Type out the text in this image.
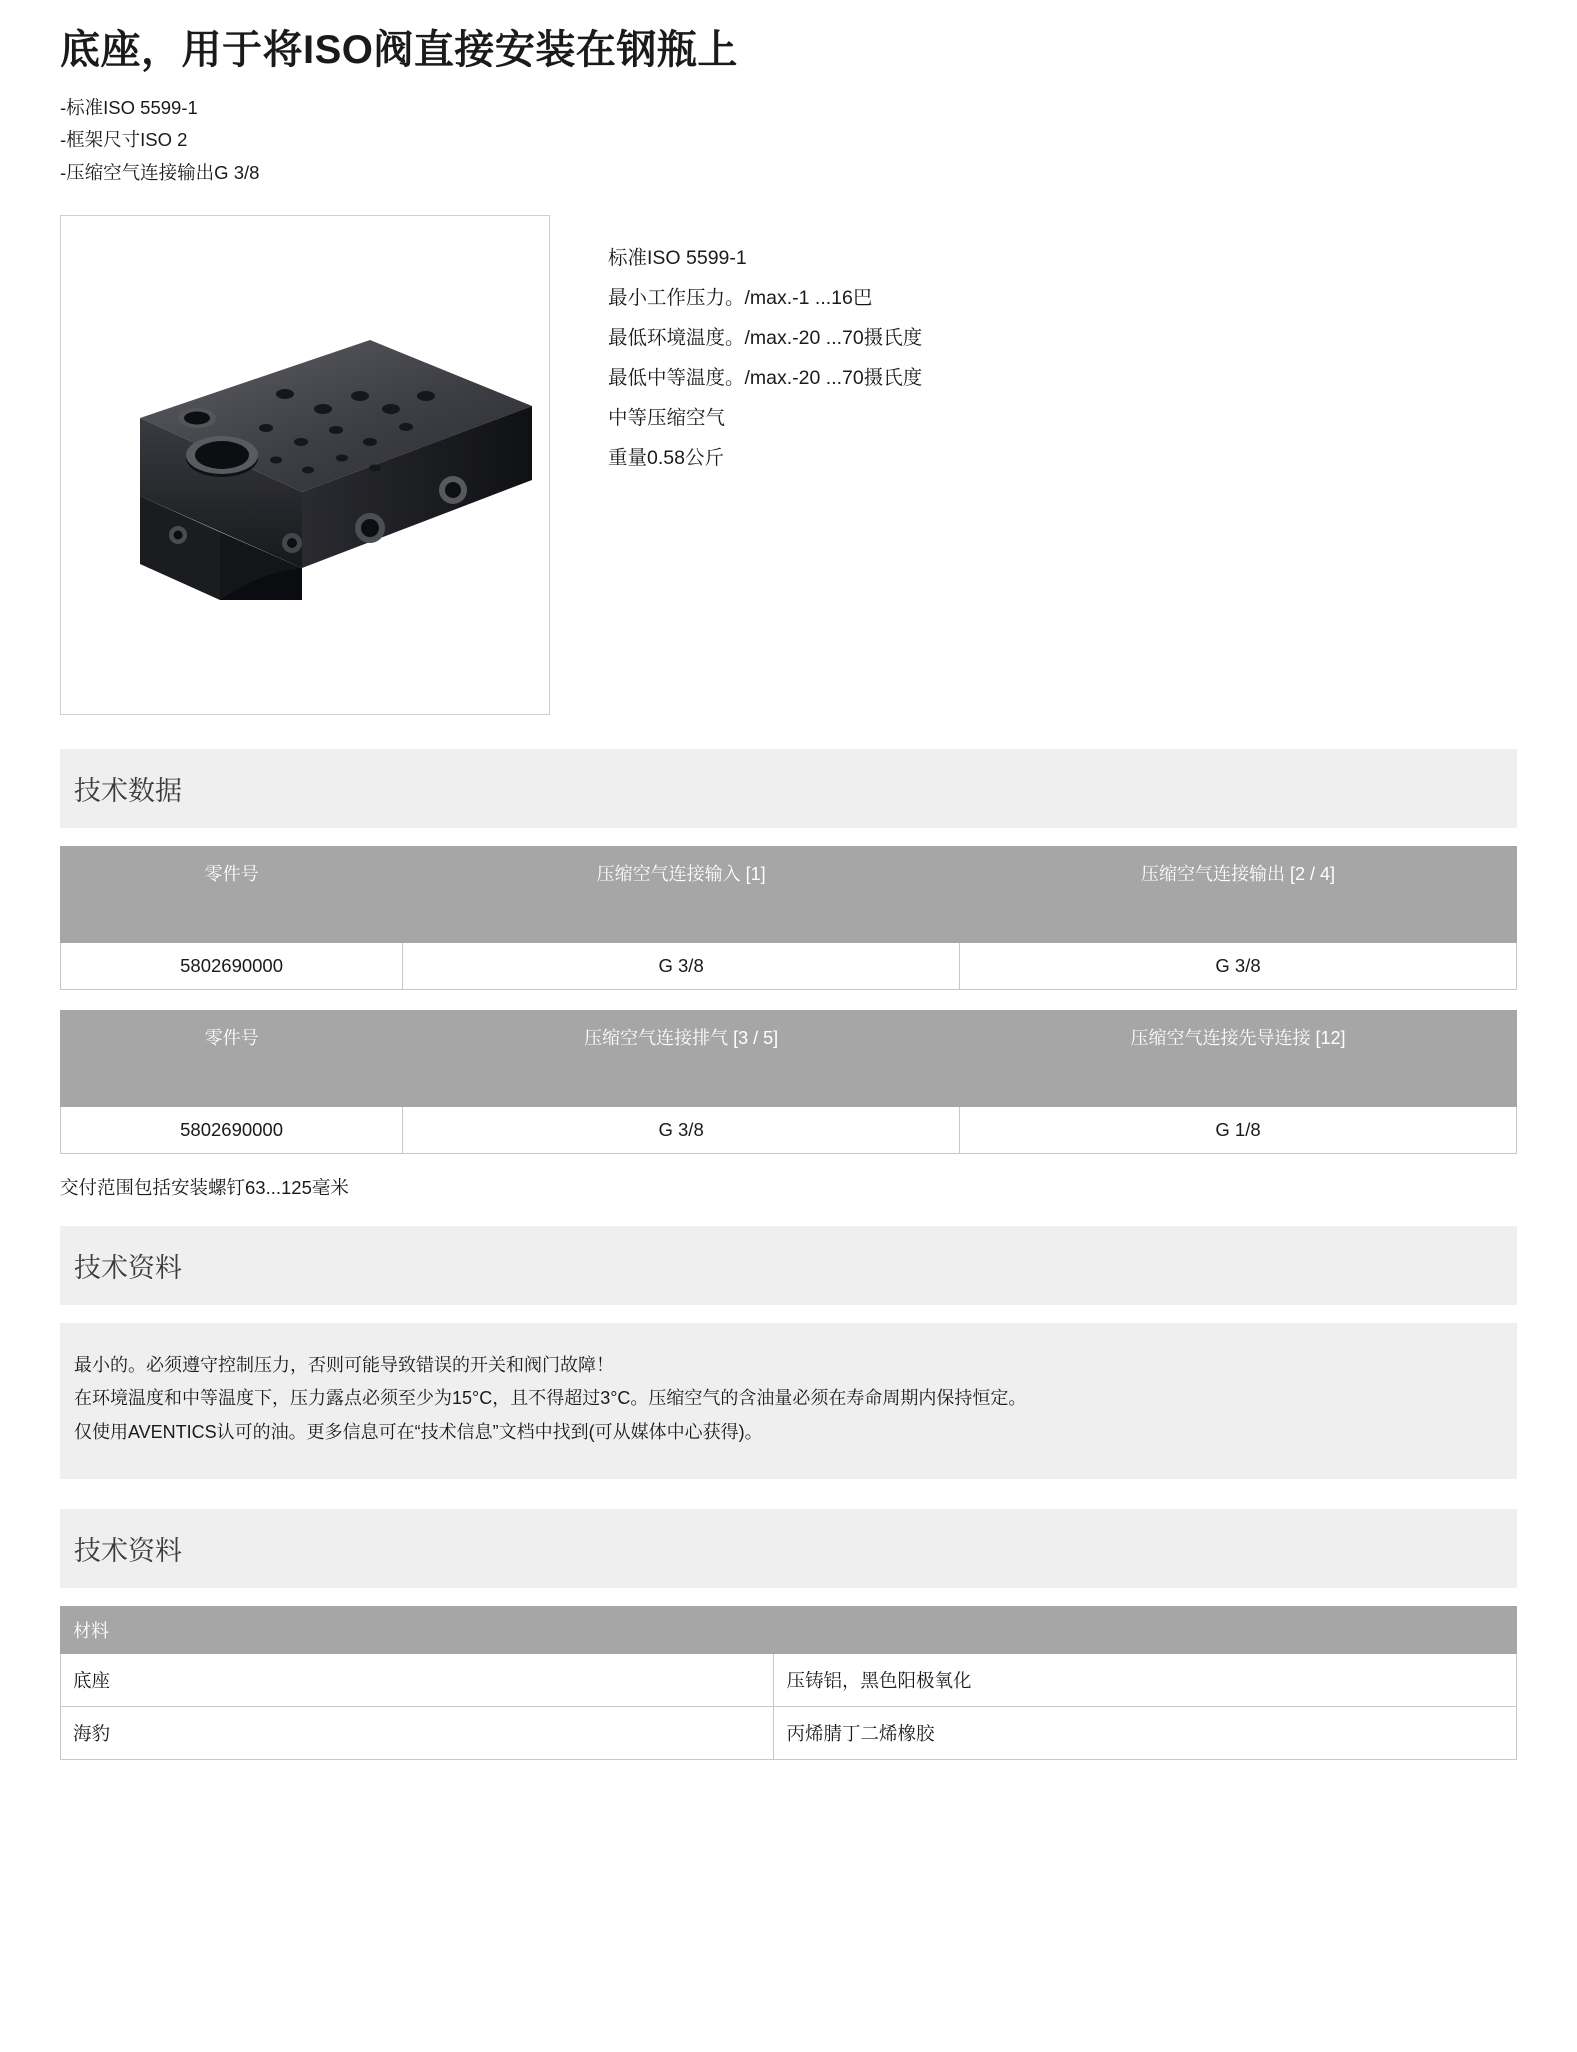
底座，用于将ISO阀直接安装在钢瓶上
-标准ISO 5599-1
-框架尺寸ISO 2
-压缩空气连接输出G 3/8
标准ISO 5599-1
最小工作压力。/max.-1 ...16巴
最低环境温度。/max.-20 ...70摄氏度
最低中等温度。/max.-20 ...70摄氏度
中等压缩空气
重量0.58公斤
技术数据
零件号	压缩空气连接输入 [1]	压缩空气连接输出 [2 / 4]
5802690000	G 3/8	G 3/8
零件号	压缩空气连接排气 [3 / 5]	压缩空气连接先导连接 [12]
5802690000	G 3/8	G 1/8
交付范围包括安装螺钉63...125毫米
技术资料
最小的。必须遵守控制压力，否则可能导致错误的开关和阀门故障！
在环境温度和中等温度下，压力露点必须至少为15°C，且不得超过3°C。压缩空气的含油量必须在寿命周期内保持恒定。
仅使用AVENTICS认可的油。更多信息可在“技术信息”文档中找到(可从媒体中心获得)。
技术资料
材料	
底座	压铸铝，黑色阳极氧化
海豹	丙烯腈丁二烯橡胶
